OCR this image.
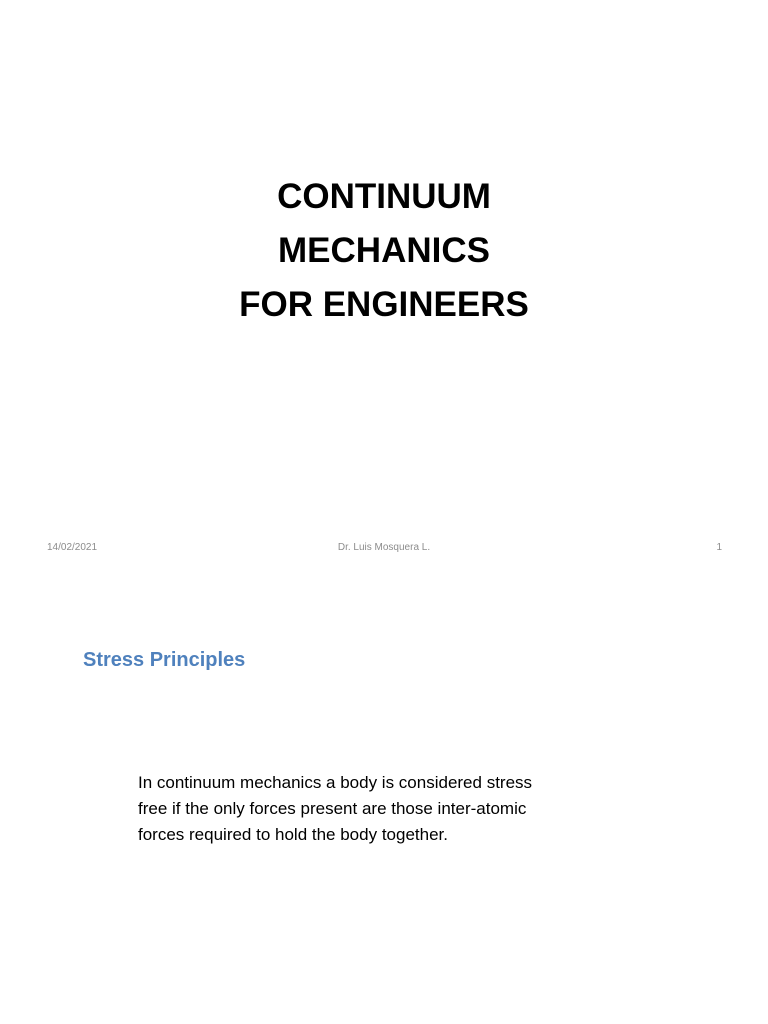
CONTINUUM
MECHANICS
FOR ENGINEERS
14/02/2021	Dr. Luis Mosquera L.	1
Stress Principles
In continuum mechanics a body is considered stress
free if the only forces present are those inter-atomic
forces required to hold the body together.
